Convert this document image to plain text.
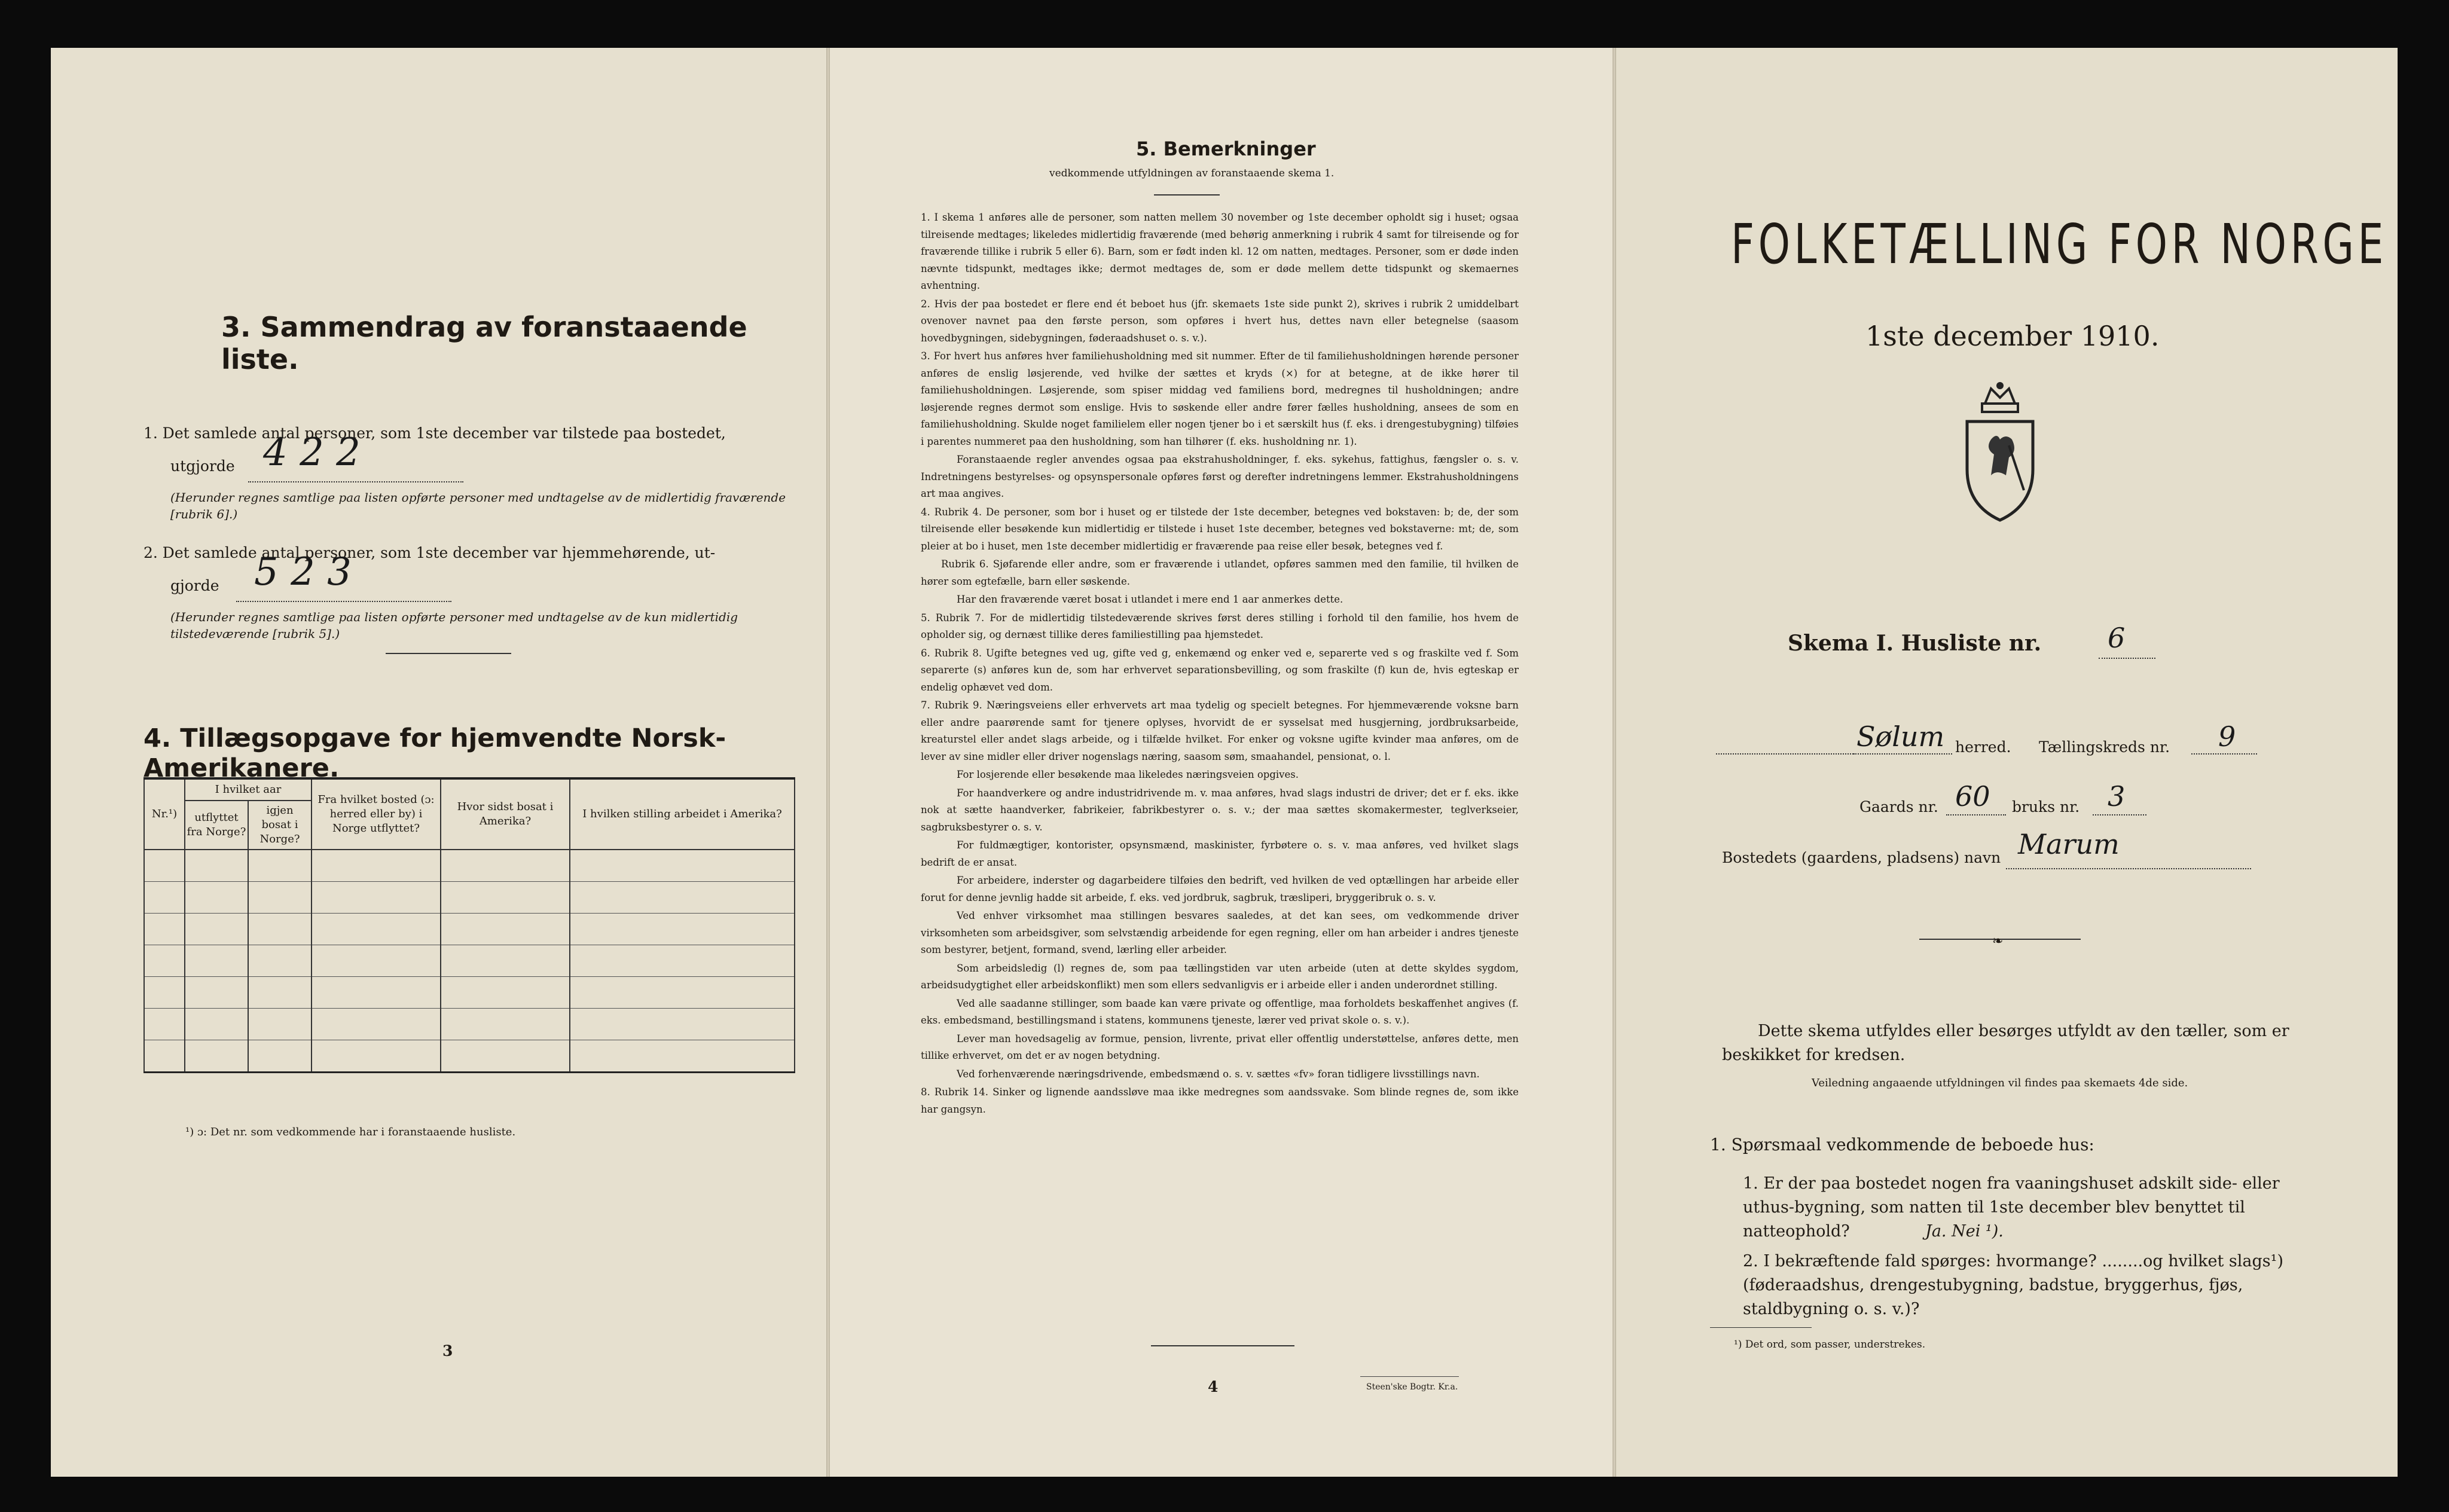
3. Sammendrag av foranstaaende liste.
1. Det samlede antal personer, som 1ste december var tilstede paa bostedet,
utgjorde 4 2 2
(Herunder regnes samtlige paa listen opførte personer med undtagelse av de midlertidig fraværende [rubrik 6].)
2. Det samlede antal personer, som 1ste december var hjemmehørende, ut-
gjorde 5 2 3
(Herunder regnes samtlige paa listen opførte personer med undtagelse av de kun midlertidig tilstedeværende [rubrik 5].)
4. Tillægsopgave for hjemvendte Norsk-Amerikanere.
Nr.¹)	I hvilket aar		Fra hvilket bosted (ɔ: herred eller by) i Norge utflyttet?	Hvor sidst bosat i Amerika?	I hvilken stilling arbeidet i Amerika?
	utflyttet fra Norge?	igjen bosat i Norge?			

¹) ɔ: Det nr. som vedkommende har i foranstaaende husliste.
3
5. Bemerkninger
vedkommende utfyldningen av foranstaaende skema 1.

1. I skema 1 anføres alle de personer, som natten mellem 30 november og 1ste december opholdt sig i huset; ogsaa tilreisende medtages; likeledes midlertidig fraværende (med behørig anmerkning i rubrik 4 samt for tilreisende og for fraværende tillike i rubrik 5 eller 6). Barn, som er født inden kl. 12 om natten, medtages. Personer, som er døde inden nævnte tidspunkt, medtages ikke; dermot medtages de, som er døde mellem dette tidspunkt og skemaernes avhentning.

2. Hvis der paa bostedet er flere end ét beboet hus (jfr. skemaets 1ste side punkt 2), skrives i rubrik 2 umiddelbart ovenover navnet paa den første person, som opføres i hvert hus, dettes navn eller betegnelse (saasom hovedbygningen, sidebygningen, føderaadshuset o. s. v.).

3. For hvert hus anføres hver familiehusholdning med sit nummer. Efter de til familiehusholdningen hørende personer anføres de enslig løsjerende, ved hvilke der sættes et kryds (×) for at betegne, at de ikke hører til familiehusholdningen. Løsjerende, som spiser middag ved familiens bord, medregnes til husholdningen; andre løsjerende regnes dermot som enslige. Hvis to søskende eller andre fører fælles husholdning, ansees de som en familiehusholdning. Skulde noget familielem eller nogen tjener bo i et særskilt hus (f. eks. i drengestubygning) tilføies i parentes nummeret paa den husholdning, som han tilhører (f. eks. husholdning nr. 1).

Foranstaaende regler anvendes ogsaa paa ekstrahusholdninger, f. eks. sykehus, fattighus, fængsler o. s. v. Indretningens bestyrelses- og opsynspersonale opføres først og derefter indretningens lemmer. Ekstrahusholdningens art maa angives.

4. Rubrik 4. De personer, som bor i huset og er tilstede der 1ste december, betegnes ved bokstaven: b; de, der som tilreisende eller besøkende kun midlertidig er tilstede i huset 1ste december, betegnes ved bokstaverne: mt; de, som pleier at bo i huset, men 1ste december midlertidig er fraværende paa reise eller besøk, betegnes ved f.

Rubrik 6. Sjøfarende eller andre, som er fraværende i utlandet, opføres sammen med den familie, til hvilken de hører som egtefælle, barn eller søskende.

Har den fraværende været bosat i utlandet i mere end 1 aar anmerkes dette.

5. Rubrik 7. For de midlertidig tilstedeværende skrives først deres stilling i forhold til den familie, hos hvem de opholder sig, og dernæst tillike deres familiestilling paa hjemstedet.

6. Rubrik 8. Ugifte betegnes ved ug, gifte ved g, enkemænd og enker ved e, separerte ved s og fraskilte ved f. Som separerte (s) anføres kun de, som har erhvervet separationsbevilling, og som fraskilte (f) kun de, hvis egteskap er endelig ophævet ved dom.

7. Rubrik 9. Næringsveiens eller erhvervets art maa tydelig og specielt betegnes. For hjemmeværende voksne barn eller andre paarørende samt for tjenere oplyses, hvorvidt de er sysselsat med husgjerning, jordbruksarbeide, kreaturstel eller andet slags arbeide, og i tilfælde hvilket. For enker og voksne ugifte kvinder maa anføres, om de lever av sine midler eller driver nogenslags næring, saasom søm, smaahandel, pensionat, o. l.

For losjerende eller besøkende maa likeledes næringsveien opgives.

For haandverkere og andre industridrivende m. v. maa anføres, hvad slags industri de driver; det er f. eks. ikke nok at sætte haandverker, fabrikeier, fabrikbestyrer o. s. v.; der maa sættes skomakermester, teglverkseier, sagbruksbestyrer o. s. v.

For fuldmægtiger, kontorister, opsynsmænd, maskinister, fyrbøtere o. s. v. maa anføres, ved hvilket slags bedrift de er ansat.

For arbeidere, inderster og dagarbeidere tilføies den bedrift, ved hvilken de ved optællingen har arbeide eller forut for denne jevnlig hadde sit arbeide, f. eks. ved jordbruk, sagbruk, træsliperi, bryggeribruk o. s. v.

Ved enhver virksomhet maa stillingen besvares saaledes, at det kan sees, om vedkommende driver virksomheten som arbeidsgiver, som selvstændig arbeidende for egen regning, eller om han arbeider i andres tjeneste som bestyrer, betjent, formand, svend, lærling eller arbeider.

Som arbeidsledig (l) regnes de, som paa tællingstiden var uten arbeide (uten at dette skyldes sygdom, arbeidsudygtighet eller arbeidskonflikt) men som ellers sedvanligvis er i arbeide eller i anden underordnet stilling.

Ved alle saadanne stillinger, som baade kan være private og offentlige, maa forholdets beskaffenhet angives (f. eks. embedsmand, bestillingsmand i statens, kommunens tjeneste, lærer ved privat skole o. s. v.).

Lever man hovedsagelig av formue, pension, livrente, privat eller offentlig understøttelse, anføres dette, men tillike erhvervet, om det er av nogen betydning.

Ved forhenværende næringsdrivende, embedsmænd o. s. v. sættes «fv» foran tidligere livsstillings navn.

8. Rubrik 14. Sinker og lignende aandssløve maa ikke medregnes som aandssvake. Som blinde regnes de, som ikke har gangsyn.

4	Steen'ske Bogtr. Kr.a.
FOLKETÆLLING FOR NORGE
1ste december 1910.
Skema I. Husliste nr. 6
Sølum herred. Tællingskreds nr. 9
Gaards nr. 60 bruks nr. 3
Bostedets (gaardens, pladsens) navn Marum
❧
Dette skema utfyldes eller besørges utfyldt av den tæller, som er beskikket for kredsen.
Veiledning angaaende utfyldningen vil findes paa skemaets 4de side.
1. Spørsmaal vedkommende de beboede hus:
1. Er der paa bostedet nogen fra vaaningshuset adskilt side- eller uthus-bygning, som natten til 1ste december blev benyttet til natteophold?	Ja. Nei ¹).
2. I bekræftende fald spørges: hvormange? ........og hvilket slags¹) (føderaadshus, drengestubygning, badstue, bryggerhus, fjøs, staldbygning o. s. v.)?
¹) Det ord, som passer, understrekes.
